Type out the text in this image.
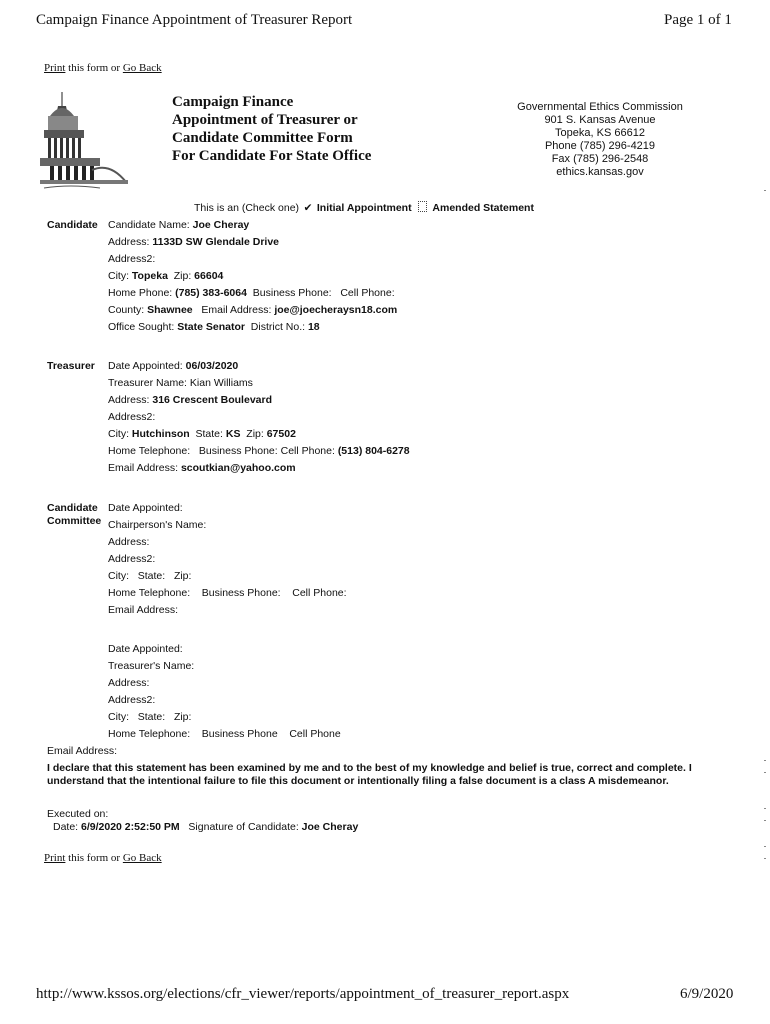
Campaign Finance Appointment of Treasurer Report	Page 1 of 1
Print this form or Go Back
Campaign Finance
Appointment of Treasurer or
Candidate Committee Form
For Candidate For State Office
Governmental Ethics Commission
901 S. Kansas Avenue
Topeka, KS 66612
Phone (785) 296-4219
Fax (785) 296-2548
ethics.kansas.gov
This is an (Check one) ✔ Initial Appointment Amended Statement
Candidate Candidate Name: Joe Cheray
Address: 1133D SW Glendale Drive
Address2:
City: Topeka  Zip: 66604
Home Phone: (785) 383-6064  Business Phone:   Cell Phone:
County: Shawnee   Email Address: joe@joecheraysn18.com
Office Sought: State Senator  District No.: 18
Treasurer Date Appointed: 06/03/2020
Treasurer Name: Kian Williams
Address: 316 Crescent Boulevard
Address2:
City: Hutchinson  State: KS  Zip: 67502
Home Telephone:   Business Phone: Cell Phone: (513) 804-6278
Email Address: scoutkian@yahoo.com
Candidate
Committee
Date Appointed:
Chairperson's Name:
Address:
Address2:
City:   State:   Zip:
Home Telephone:    Business Phone:    Cell Phone:
Email Address:
Date Appointed:
Treasurer's Name:
Address:
Address2:
City:   State:   Zip:
Home Telephone:    Business Phone    Cell Phone
Email Address:
I declare that this statement has been examined by me and to the best of my knowledge and belief is true, correct and complete. I understand that the intentional failure to file this document or intentionally filing a false document is a class A misdemeanor.
Executed on:
Date: 6/9/2020 2:52:50 PM   Signature of Candidate: Joe Cheray
Print this form or Go Back
http://www.kssos.org/elections/cfr_viewer/reports/appointment_of_treasurer_report.aspx	6/9/2020
